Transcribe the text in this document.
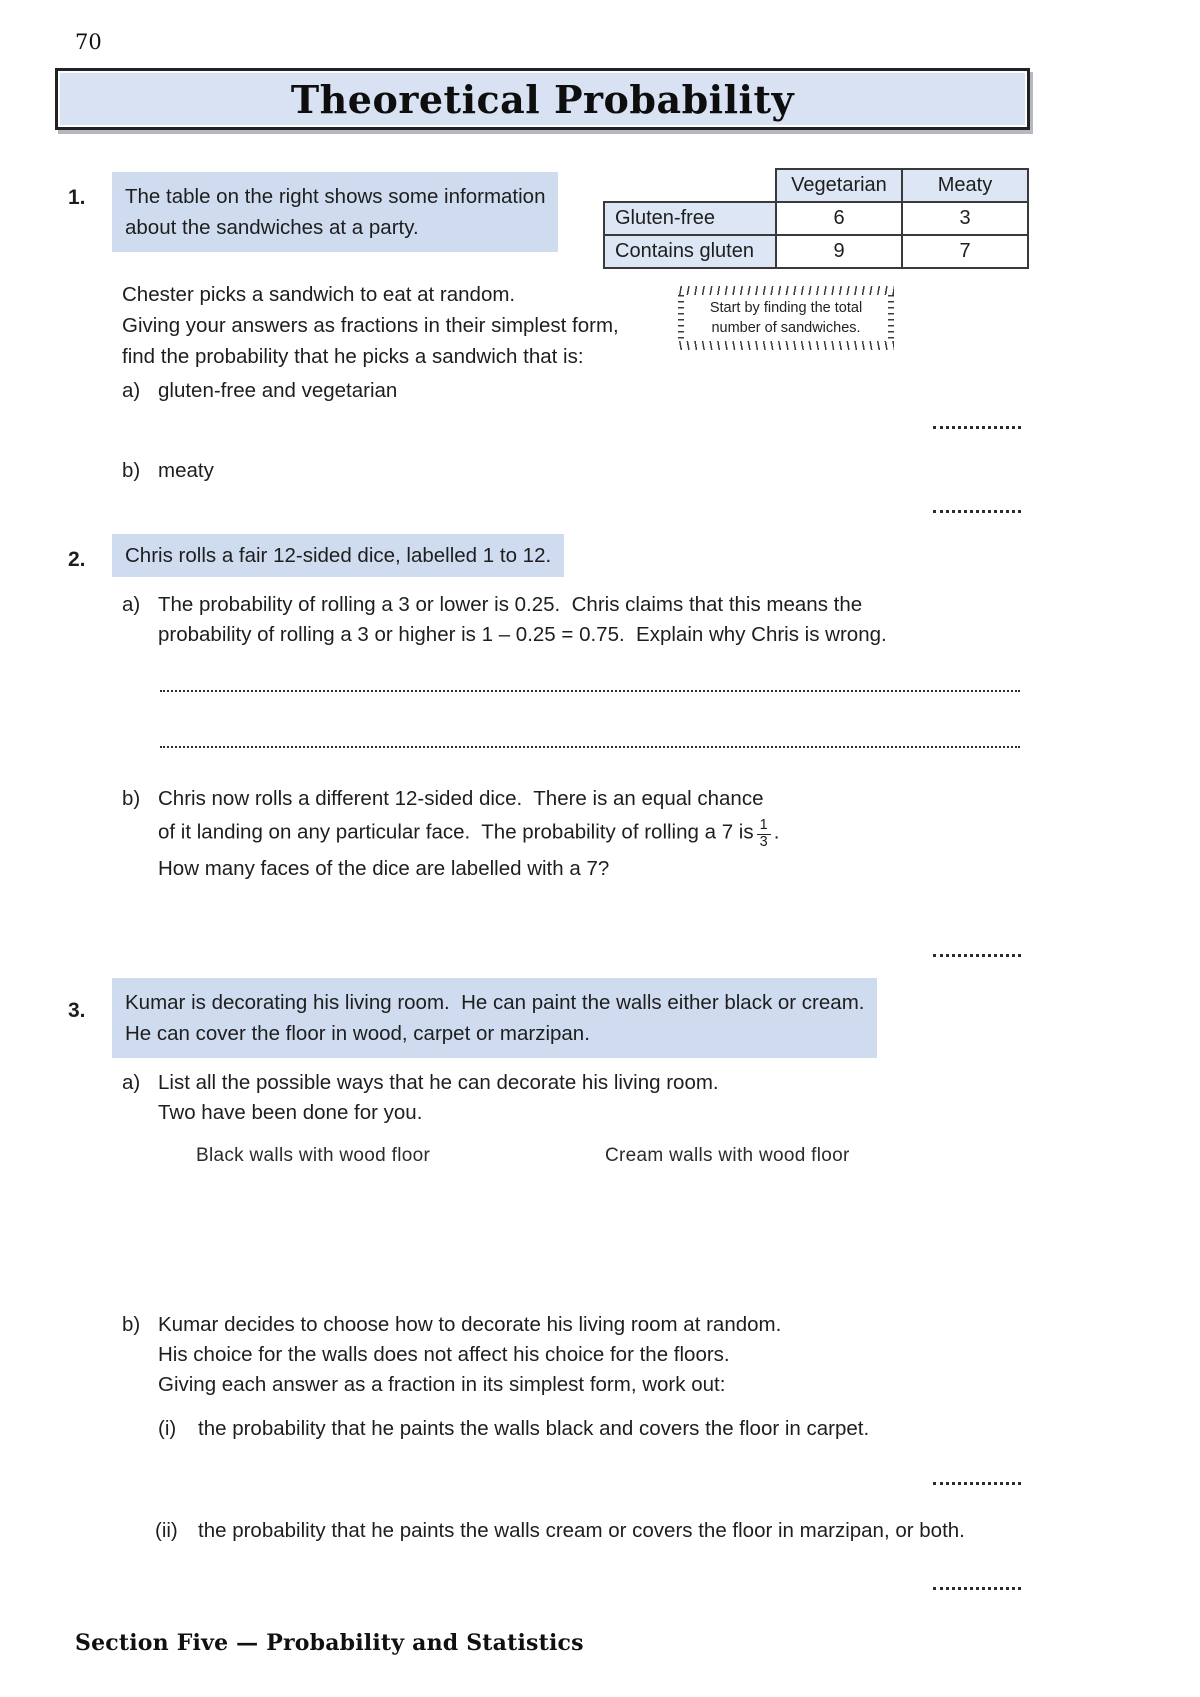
70
Theoretical Probability
1. The table on the right shows some information
about the sandwiches at a party.
	Vegetarian	Meaty
Gluten-free	6	3
Contains gluten	9	7
Chester picks a sandwich to eat at random.
Giving your answers as fractions in their simplest form,
find the probability that he picks a sandwich that is:
Start by finding the total number of sandwiches.
a) gluten-free and vegetarian
b) meaty
2. Chris rolls a fair 12-sided dice, labelled 1 to 12.
a) The probability of rolling a 3 or lower is 0.25.  Chris claims that this means the
probability of rolling a 3 or higher is 1 – 0.25 = 0.75.  Explain why Chris is wrong.
b) Chris now rolls a different 12-sided dice.  There is an equal chance
of it landing on any particular face.  The probability of rolling a 7 is $\frac{1}{3}$ .
How many faces of the dice are labelled with a 7?
3. Kumar is decorating his living room.  He can paint the walls either black or cream.
He can cover the floor in wood, carpet or marzipan.
a) List all the possible ways that he can decorate his living room.
Two have been done for you.
Black walls with wood floor	Cream walls with wood floor
b) Kumar decides to choose how to decorate his living room at random.
His choice for the walls does not affect his choice for the floors.
Giving each answer as a fraction in its simplest form, work out:
(i) the probability that he paints the walls black and covers the floor in carpet.
(ii) the probability that he paints the walls cream or covers the floor in marzipan, or both.
Section Five — Probability and Statistics
